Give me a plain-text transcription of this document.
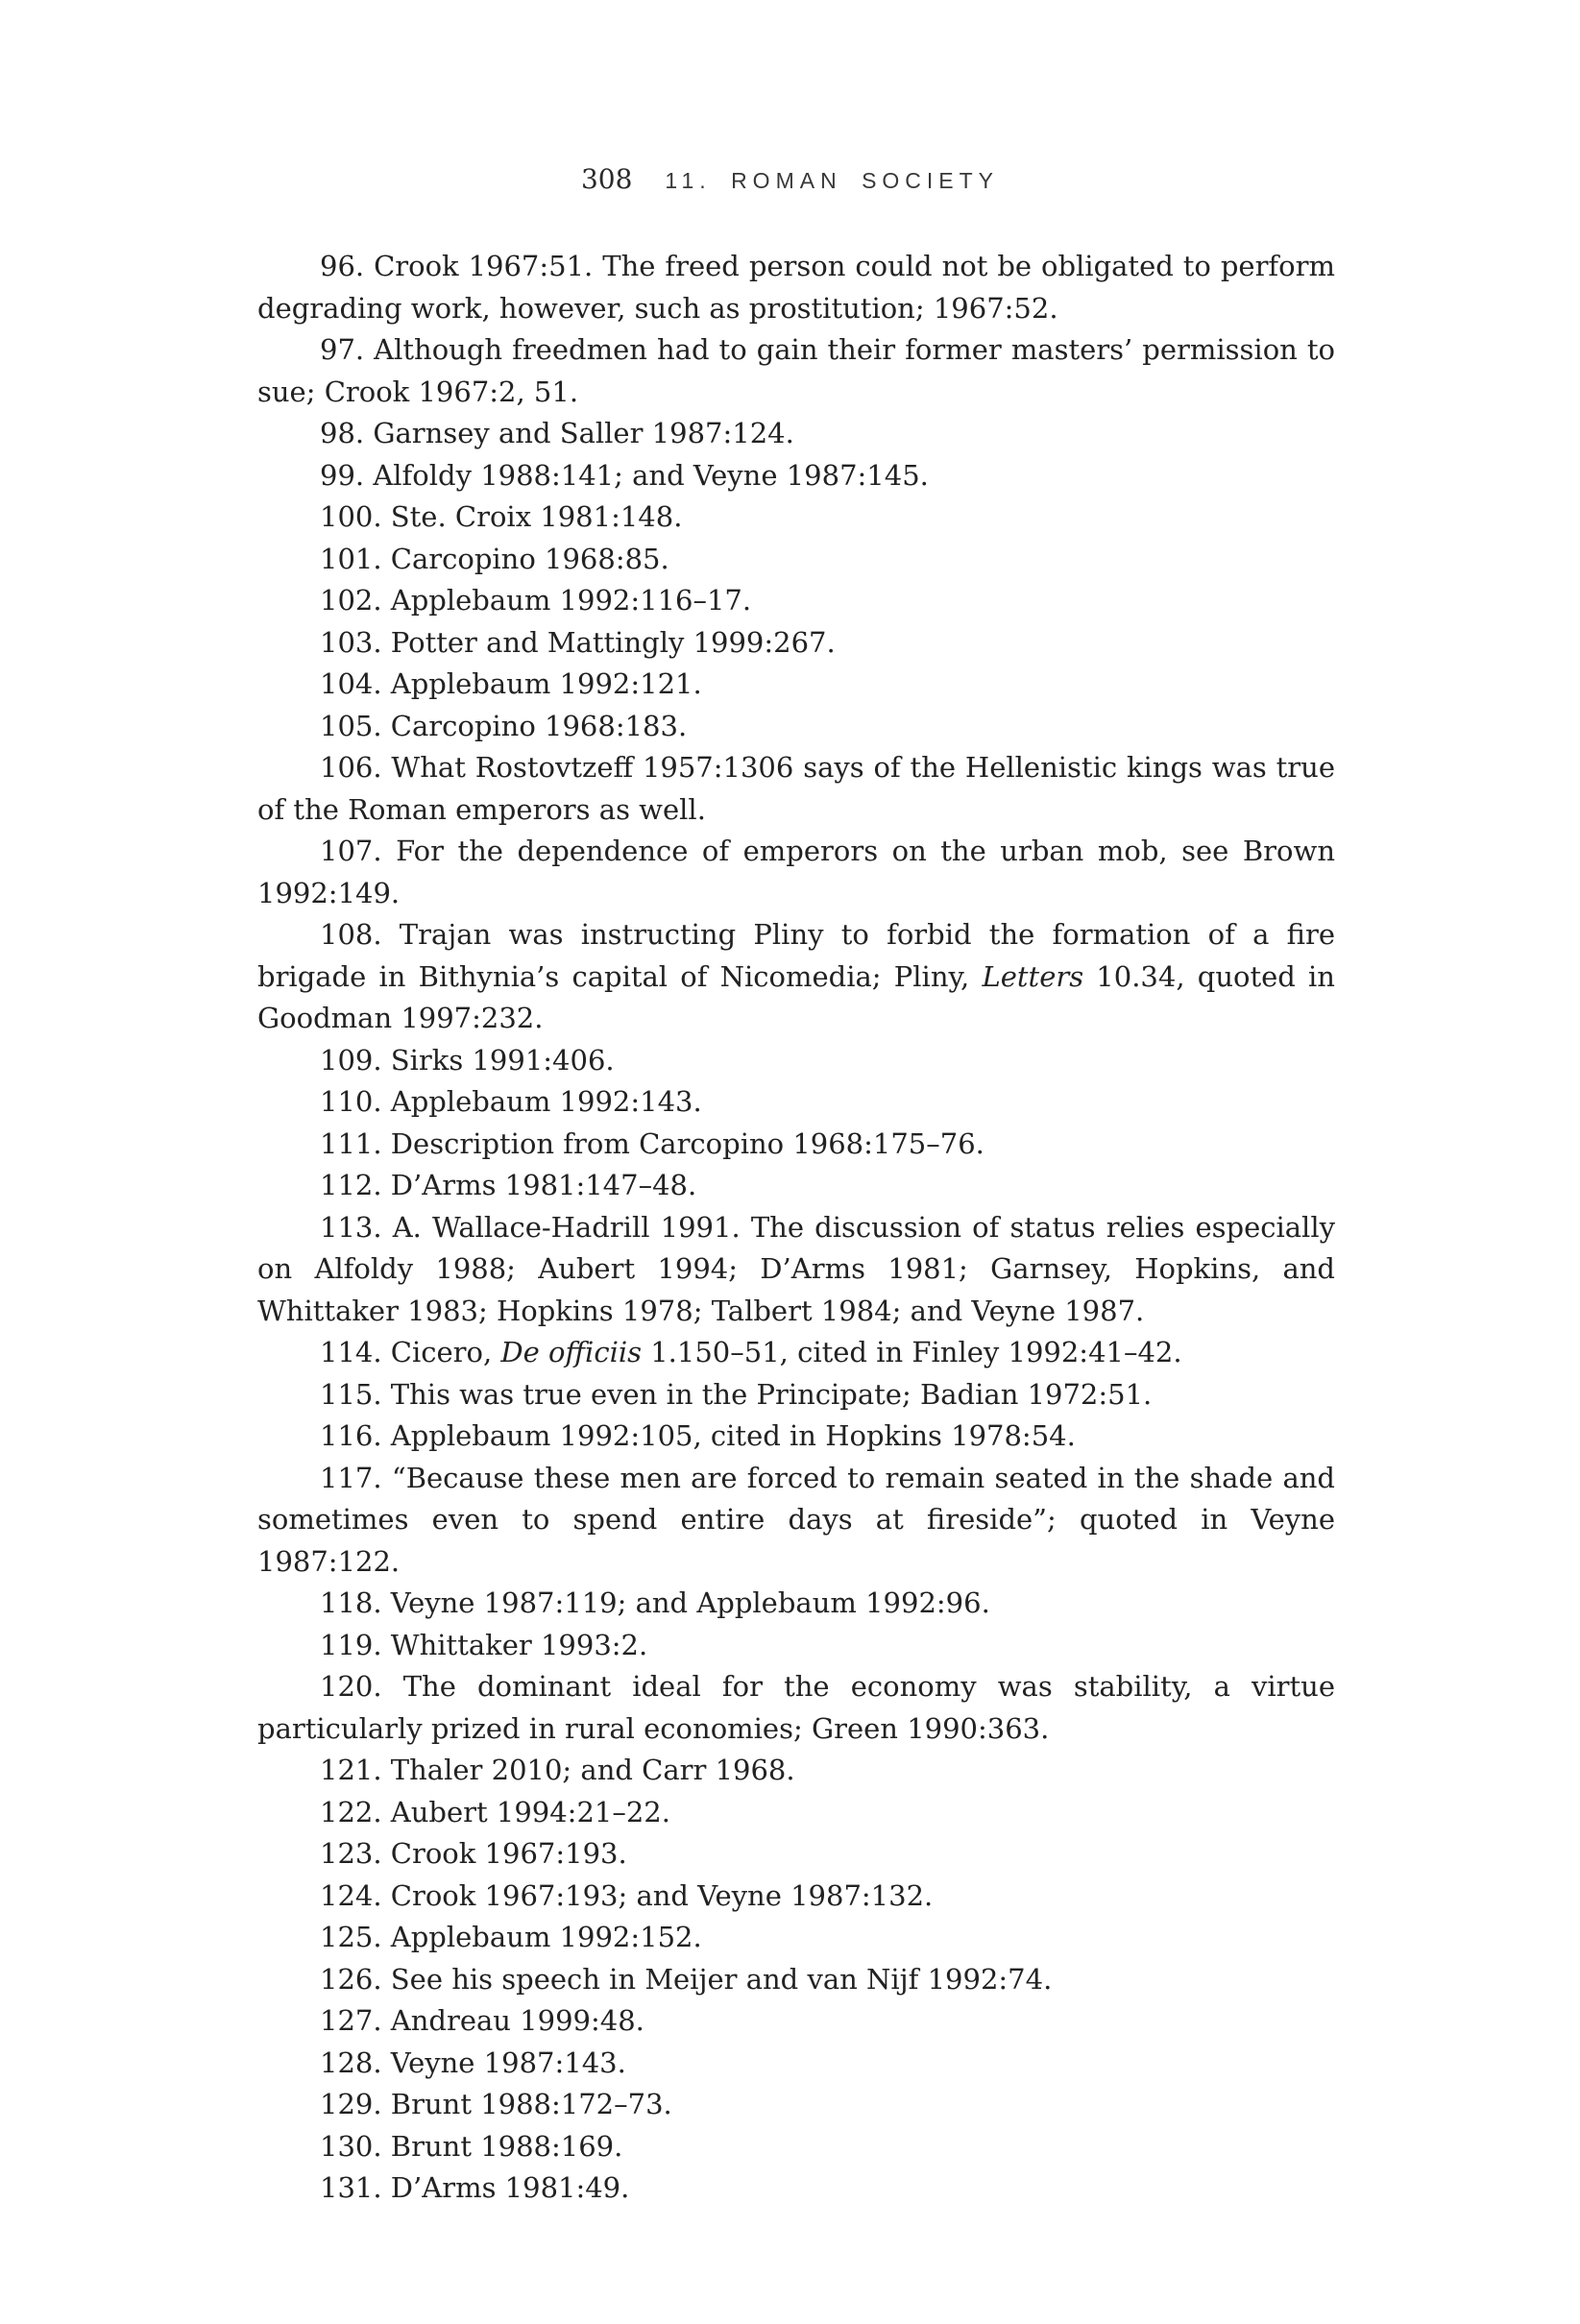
308 11. ROMAN SOCIETY

96. Crook 1967:51. The freed person could not be obligated to perform degrading work, however, such as prostitution; 1967:52.

97. Although freedmen had to gain their former masters’ permission to sue; Crook 1967:2, 51.

98. Garnsey and Saller 1987:124.

99. Alfoldy 1988:141; and Veyne 1987:145.

100. Ste. Croix 1981:148.

101. Carcopino 1968:85.

102. Applebaum 1992:116–17.

103. Potter and Mattingly 1999:267.

104. Applebaum 1992:121.

105. Carcopino 1968:183.

106. What Rostovtzeff 1957:1306 says of the Hellenistic kings was true of the Roman emperors as well.

107. For the dependence of emperors on the urban mob, see Brown 1992:149.

108. Trajan was instructing Pliny to forbid the formation of a fire brigade in Bithynia’s capital of Nicomedia; Pliny, Letters 10.34, quoted in Goodman 1997:232.

109. Sirks 1991:406.

110. Applebaum 1992:143.

111. Description from Carcopino 1968:175–76.

112. D’Arms 1981:147–48.

113. A. Wallace-Hadrill 1991. The discussion of status relies especially on Alfoldy 1988; Aubert 1994; D’Arms 1981; Garnsey, Hopkins, and Whittaker 1983; Hopkins 1978; Talbert 1984; and Veyne 1987.

114. Cicero, De officiis 1.150–51, cited in Finley 1992:41–42.

115. This was true even in the Principate; Badian 1972:51.

116. Applebaum 1992:105, cited in Hopkins 1978:54.

117. “Because these men are forced to remain seated in the shade and sometimes even to spend entire days at fireside”; quoted in Veyne 1987:122.

118. Veyne 1987:119; and Applebaum 1992:96.

119. Whittaker 1993:2.

120. The dominant ideal for the economy was stability, a virtue particularly prized in rural economies; Green 1990:363.

121. Thaler 2010; and Carr 1968.

122. Aubert 1994:21–22.

123. Crook 1967:193.

124. Crook 1967:193; and Veyne 1987:132.

125. Applebaum 1992:152.

126. See his speech in Meijer and van Nijf 1992:74.

127. Andreau 1999:48.

128. Veyne 1987:143.

129. Brunt 1988:172–73.

130. Brunt 1988:169.

131. D’Arms 1981:49.
